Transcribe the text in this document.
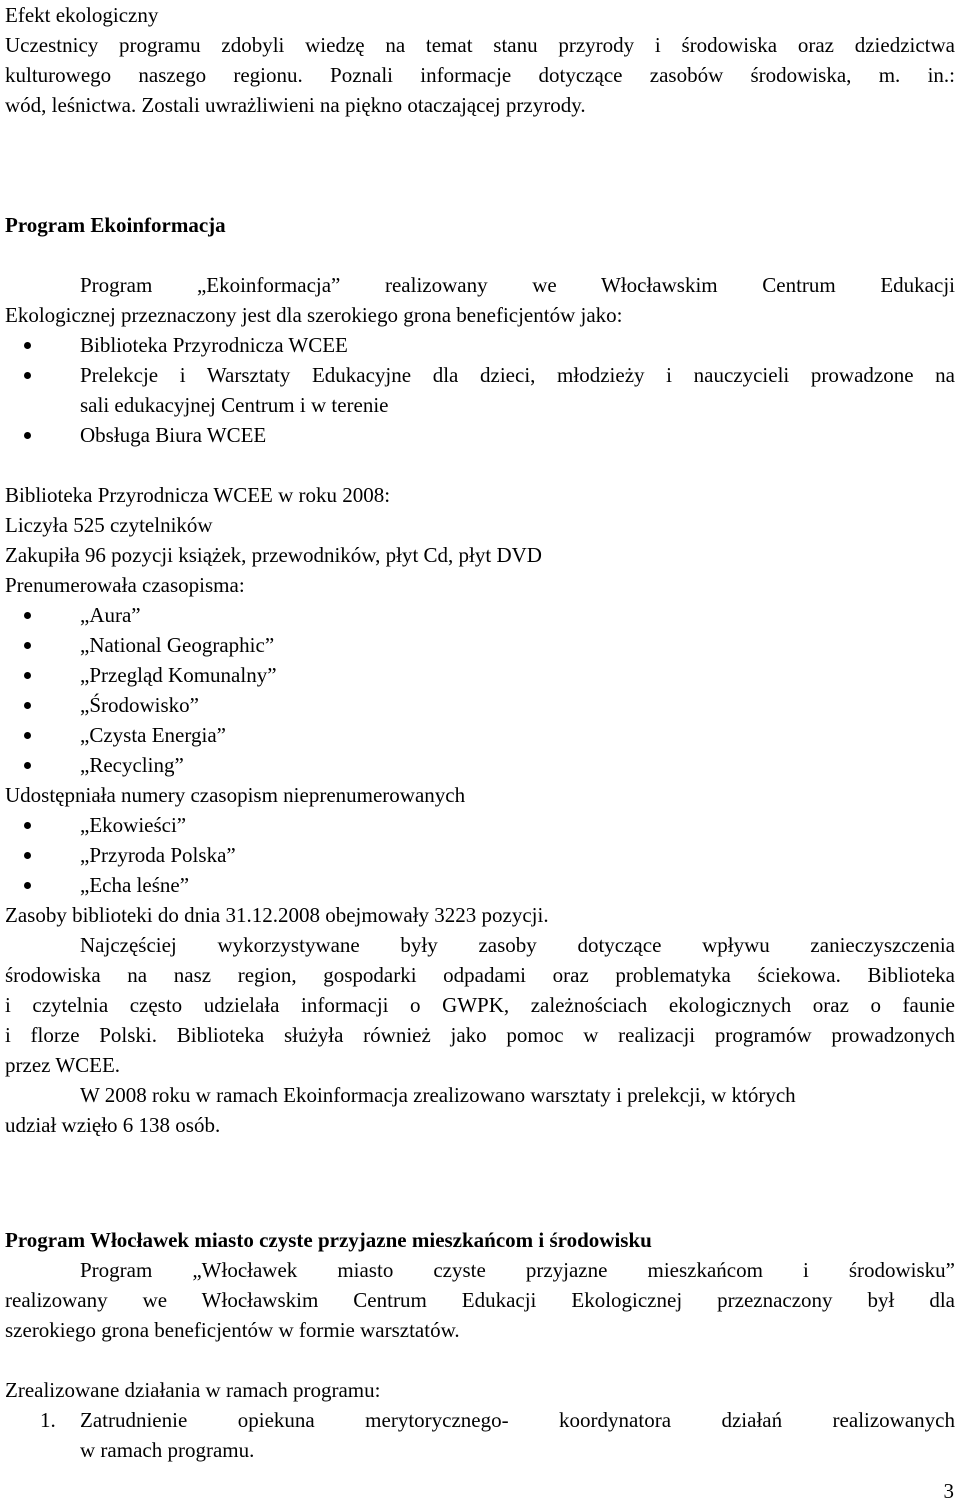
Efekt ekologiczny
Uczestnicy programu zdobyli wiedzę na temat stanu przyrody i środowiska oraz dziedzictwa
kulturowego naszego regionu. Poznali informacje dotyczące zasobów środowiska, m. in.:
wód, leśnictwa. Zostali uwrażliwieni na piękno otaczającej przyrody.
Program Ekoinformacja
Program „Ekoinformacja” realizowany we Włocławskim Centrum Edukacji
Ekologicznej przeznaczony jest dla szerokiego grona beneficjentów jako:
Biblioteka Przyrodnicza WCEE
Prelekcje i Warsztaty Edukacyjne dla dzieci, młodzieży i nauczycieli prowadzone na
sali edukacyjnej Centrum i w terenie
Obsługa Biura WCEE
Biblioteka Przyrodnicza WCEE w roku 2008:
Liczyła 525 czytelników
Zakupiła 96 pozycji książek, przewodników, płyt Cd, płyt DVD
Prenumerowała czasopisma:
„Aura”
„National Geographic”
„Przegląd Komunalny”
„Środowisko”
„Czysta Energia”
„Recycling”
Udostępniała numery czasopism nieprenumerowanych
„Ekowieści”
„Przyroda Polska”
„Echa leśne”
Zasoby biblioteki do dnia 31.12.2008 obejmowały 3223 pozycji.
Najczęściej wykorzystywane były zasoby dotyczące wpływu zanieczyszczenia
środowiska na nasz region, gospodarki odpadami oraz problematyka ściekowa. Biblioteka
i czytelnia często udzielała informacji o GWPK, zależnościach ekologicznych oraz o faunie
i florze Polski. Biblioteka służyła również jako pomoc w realizacji programów prowadzonych
przez WCEE.
W 2008 roku w ramach Ekoinformacja zrealizowano warsztaty i prelekcji, w których
udział wzięło 6 138 osób.
Program Włocławek miasto czyste przyjazne mieszkańcom i środowisku
Program „Włocławek miasto czyste przyjazne mieszkańcom i środowisku”
realizowany we Włocławskim Centrum Edukacji Ekologicznej przeznaczony był dla
szerokiego grona beneficjentów w formie warsztatów.
Zrealizowane działania w ramach programu:
1. Zatrudnienie opiekuna merytorycznego- koordynatora działań realizowanych
w ramach programu.
3
